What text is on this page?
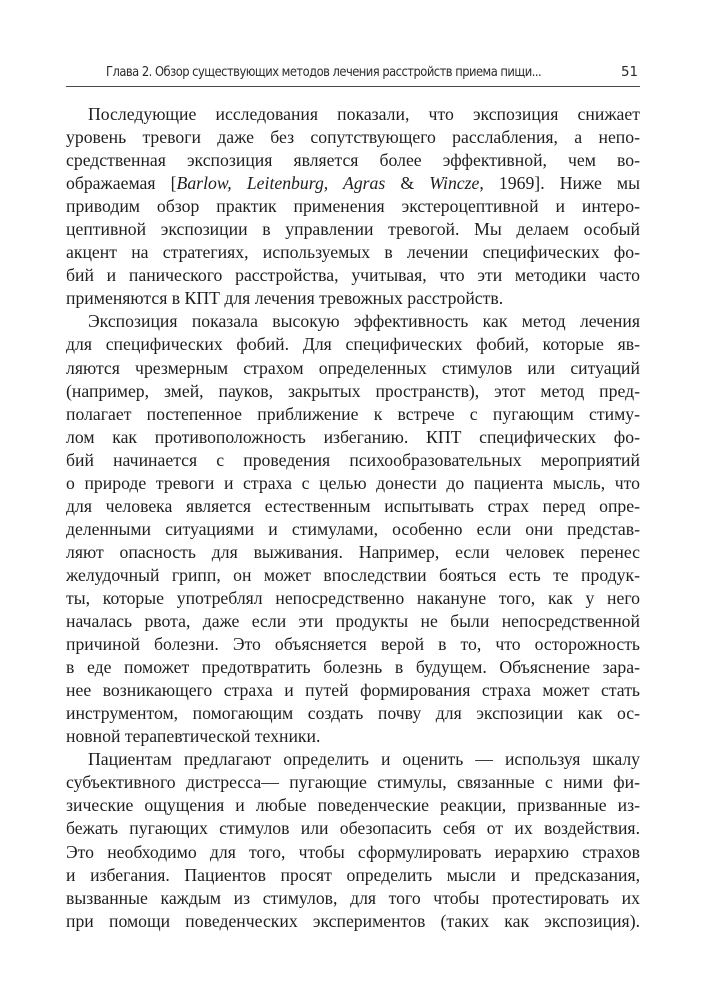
Глава 2. Обзор существующих методов лечения расстройств приема пищи...	51
Последующие исследования показали, что экспозиция снижает
уровень тревоги даже без сопутствующего расслабления, а непо-
средственная экспозиция является более эффективной, чем во-
ображаемая [Barlow, Leitenburg, Agras & Wincze, 1969]. Ниже мы
приводим обзор практик применения экстероцептивной и интеро-
цептивной экспозиции в управлении тревогой. Мы делаем особый
акцент на стратегиях, используемых в лечении специфических фо-
бий и панического расстройства, учитывая, что эти методики часто
применяются в КПТ для лечения тревожных расстройств.
Экспозиция показала высокую эффективность как метод лечения
для специфических фобий. Для специфических фобий, которые яв-
ляются чрезмерным страхом определенных стимулов или ситуаций
(например, змей, пауков, закрытых пространств), этот метод пред-
полагает постепенное приближение к встрече с пугающим стиму-
лом как противоположность избеганию. КПТ специфических фо-
бий начинается с проведения психообразовательных мероприятий
о природе тревоги и страха с целью донести до пациента мысль, что
для человека является естественным испытывать страх перед опре-
деленными ситуациями и стимулами, особенно если они представ-
ляют опасность для выживания. Например, если человек перенес
желудочный грипп, он может впоследствии бояться есть те продук-
ты, которые употреблял непосредственно накануне того, как у него
началась рвота, даже если эти продукты не были непосредственной
причиной болезни. Это объясняется верой в то, что осторожность
в еде поможет предотвратить болезнь в будущем. Объяснение зара-
нее возникающего страха и путей формирования страха может стать
инструментом, помогающим создать почву для экспозиции как ос-
новной терапевтической техники.
Пациентам предлагают определить и оценить — используя шкалу
субъективного дистресса— пугающие стимулы, связанные с ними фи-
зические ощущения и любые поведенческие реакции, призванные из-
бежать пугающих стимулов или обезопасить себя от их воздействия.
Это необходимо для того, чтобы сформулировать иерархию страхов
и избегания. Пациентов просят определить мысли и предсказания,
вызванные каждым из стимулов, для того чтобы протестировать их
при помощи поведенческих экспериментов (таких как экспозиция).
